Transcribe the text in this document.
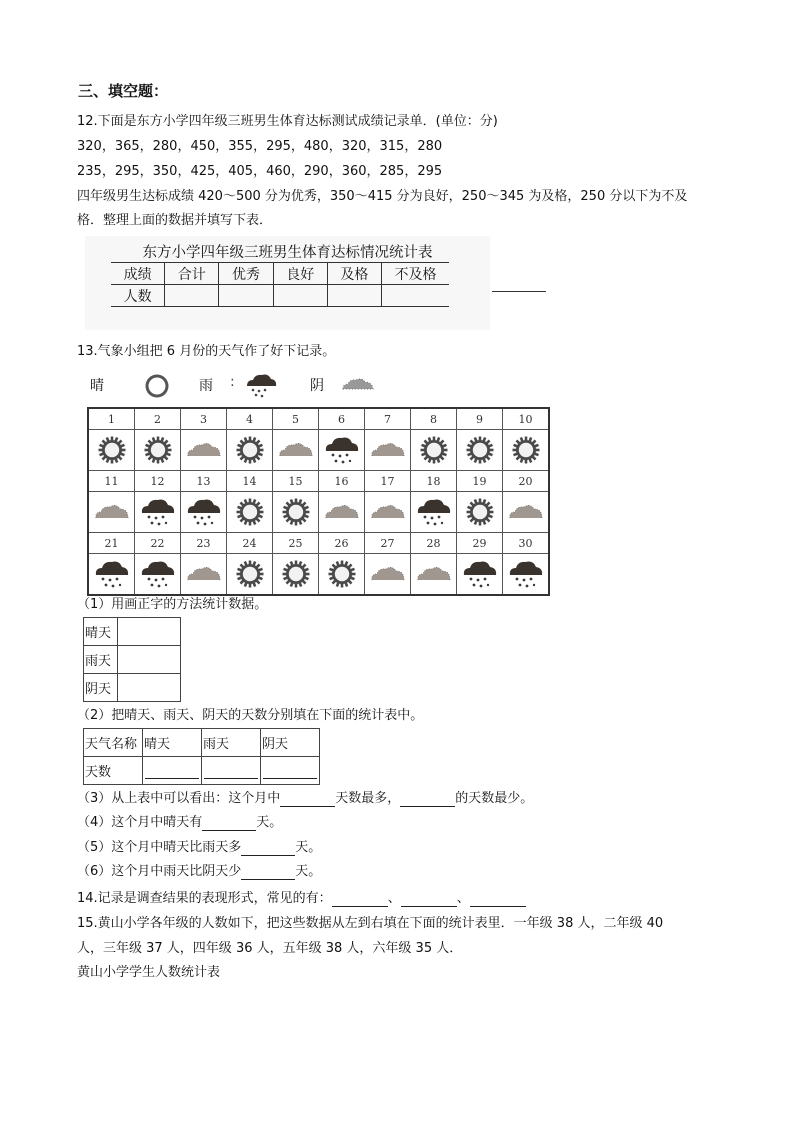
三、填空题：
12.下面是东方小学四年级三班男生体育达标测试成绩记录单．(单位：分)
320，365，280，450，355，295，480，320，315，280
235，295，350，425，405，460，290，360，285，295
四年级男生达标成绩 420～500 分为优秀，350～415 分为良好，250～345 为及格，250 分以下为不及
格．整理上面的数据并填写下表．
东方小学四年级三班男生体育达标情况统计表
成绩	合计	优秀	良好	及格	不及格
人数					
13.气象小组把 6 月份的天气作了好下记录。
晴	雨 :	阴
1	2	3	4	5	6	7	8	9	10

11	12	13	14	15	16	17	18	19	20

21	22	23	24	25	26	27	28	29	30

（1）用画正字的方法统计数据。
晴天	
雨天	
阴天	
（2）把晴天、雨天、阴天的天数分别填在下面的统计表中。
天气名称	晴天	雨天	阴天
天数	

（3）从上表中可以看出：这个月中	天数最多，	的天数最少。
（4）这个月中晴天有	天。
（5）这个月中晴天比雨天多	天。
（6）这个月中雨天比阴天少	天。
14.记录是调查结果的表现形式，常见的有：	、	、
15.黄山小学各年级的人数如下，把这些数据从左到右填在下面的统计表里．一年级 38 人，二年级 40
人，三年级 37 人，四年级 36 人，五年级 38 人，六年级 35 人．
黄山小学学生人数统计表
